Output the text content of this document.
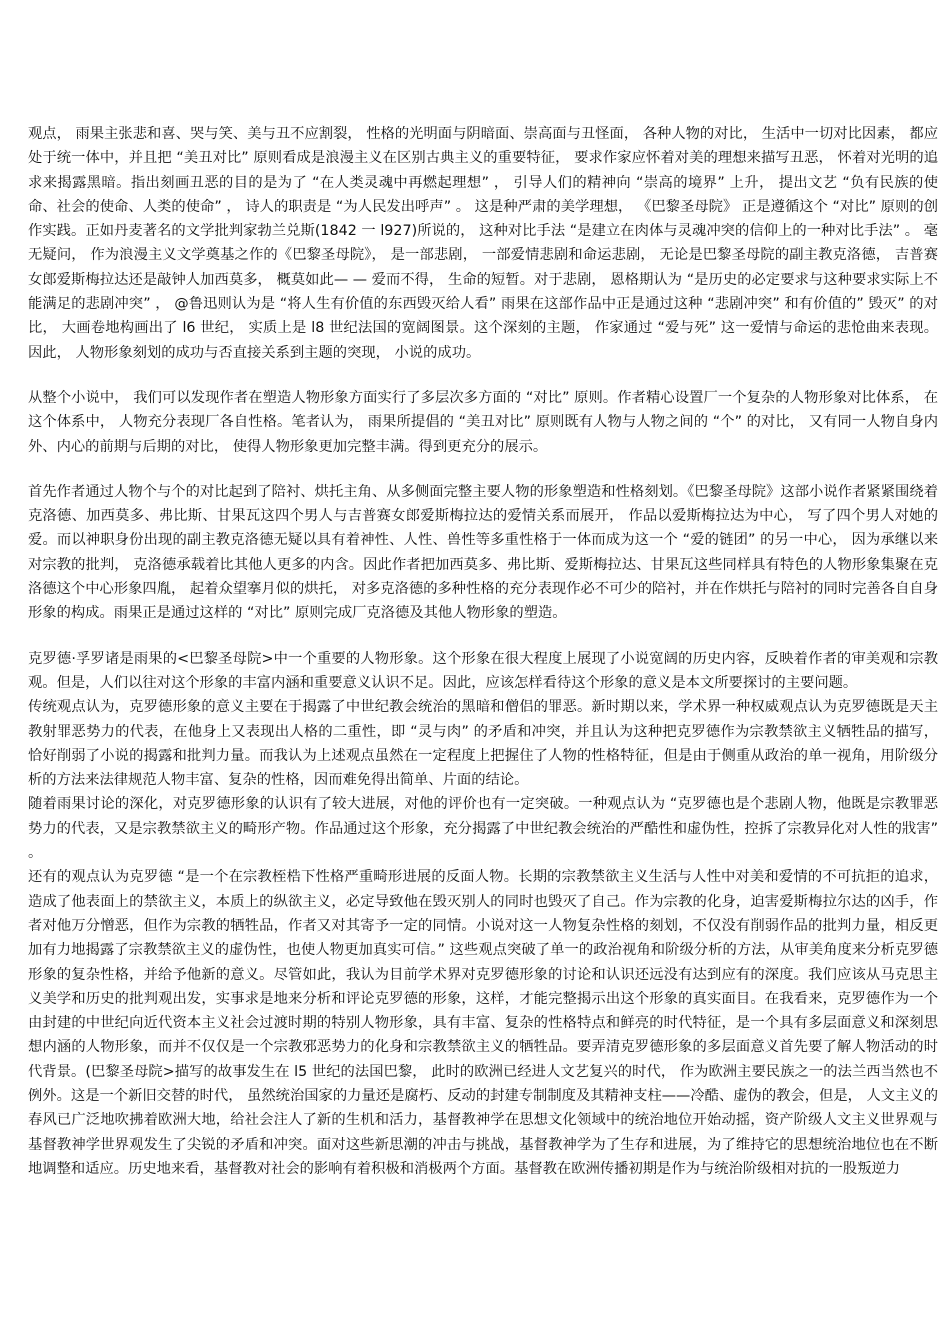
观点， 雨果主张悲和喜、哭与笑、美与丑不应割裂， 性格的光明面与阴暗面、崇高面与丑怪面， 各种人物的对比， 生活中一切对比因素， 都应处于统一体中，并且把 “美丑对比” 原则看成是浪漫主义在区别古典主义的重要特征， 要求作家应怀着对美的理想来描写丑恶， 怀着对光明的追求来揭露黑暗。指出刻画丑恶的目的是为了 “在人类灵魂中再燃起理想” ， 引导人们的精神向 “崇高的境界” 上升， 提出文艺 “负有民族的使命、社会的使命、人类的使命” ， 诗人的职责是 “为人民发出呼声” 。 这是种严肃的美学理想， 《巴黎圣母院》 正是遵循这个 “对比” 原则的创作实践。正如丹麦著名的文学批判家勃兰兑斯(1842 一 l927)所说的， 这种对比手法 “是建立在肉体与灵魂冲突的信仰上的一种对比手法” 。 毫无疑问， 作为浪漫主义文学奠基之作的《巴黎圣母院》， 是一部悲剧， 一部爱情悲剧和命运悲剧， 无论是巴黎圣母院的副主教克洛德， 吉普赛女郎爱斯梅拉达还是敲钟人加西莫多， 概莫如此— — 爱而不得， 生命的短暂。对于悲剧， 恩格期认为 “是历史的必定要求与这种要求实际上不能满足的悲剧冲突” ， @鲁迅则认为是 “将人生有价值的东西毁灭给人看” 雨果在这部作品中正是通过这种 “悲剧冲突” 和有价值的” 毁灭” 的对比， 大画卷地构画出了 l6 世纪， 实质上是 l8 世纪法国的宽阔图景。这个深刻的主题， 作家通过 “爱与死” 这一爱情与命运的悲怆曲来表现。因此， 人物形象刻划的成功与否直接关系到主题的突现， 小说的成功。

从整个小说中， 我们可以发现作者在塑造人物形象方面实行了多层次多方面的 “对比” 原则。作者精心设置厂一个复杂的人物形象对比体系， 在这个体系中， 人物充分表现厂各自性格。笔者认为， 雨果所提倡的 “美丑对比” 原则既有人物与人物之间的 “个” 的对比， 又有同一人物自身内外、内心的前期与后期的对比， 使得人物形象更加完整丰满。得到更充分的展示。

首先作者通过人物个与个的对比起到了陪衬、烘托主角、从多侧面完整主要人物的形象塑造和性格刻划。《巴黎圣母院》这部小说作者紧紧围绕着克洛德、加西莫多、弗比斯、甘果瓦这四个男人与吉普赛女郎爱斯梅拉达的爱情关系而展开， 作品以爱斯梅拉达为中心， 写了四个男人对她的爱。而以神职身份出现的副主教克洛德无疑以具有着神性、人性、兽性等多重性格于一体而成为这一个 “爱的链团” 的另一中心， 因为承继以来对宗教的批判， 克洛德承载着比其他人更多的内含。因此作者把加西莫多、弗比斯、爱斯梅拉达、甘果瓦这些同样具有特色的人物形象集聚在克洛德这个中心形象四胤， 起着众望搴月似的烘托， 对多克洛德的多种性格的充分表现作必不可少的陪衬，并在作烘托与陪衬的同时完善各自自身形象的构成。雨果正是通过这样的 “对比” 原则完成厂克洛德及其他人物形象的塑造。

克罗德·孚罗诸是雨果的<巴黎圣母院>中一个重要的人物形象。这个形象在很大程度上展现了小说宽阔的历史内容，反映着作者的审美观和宗教观。但是，人们以往对这个形象的丰富内涵和重要意义认识不足。因此，应该怎样看待这个形象的意义是本文所要探讨的主要问题。

传统观点认为，克罗德形象的意义主要在于揭露了中世纪教会统治的黑暗和僧侣的罪恶。新时期以来，学术界一种权威观点认为克罗德既是天主教射罪恶势力的代表，在他身上又表现出人格的二重性，即 “灵与肉” 的矛盾和冲突，并且认为这种把克罗德作为宗教禁欲主义牺牲品的描写，恰好削弱了小说的揭露和批判力量。而我认为上述观点虽然在一定程度上把握住了人物的性格特征，但是由于侧重从政治的单一视角，用阶级分析的方法来法律规范人物丰富、复杂的性格，因而难免得出简单、片面的结论。

随着雨果讨论的深化，对克罗德形象的认识有了较大进展，对他的评价也有一定突破。一种观点认为 “克罗德也是个悲剧人物，他既是宗教罪恶势力的代表，又是宗教禁欲主义的畸形产物。作品通过这个形象，充分揭露了中世纪教会统治的严酷性和虚伪性，控拆了宗教异化对人性的戕害” 。

还有的观点认为克罗德 “是一个在宗教桎梏下性格严重畸形进展的反面人物。长期的宗教禁欲主义生活与人性中对美和爱情的不可抗拒的追求，造成了他表面上的禁欲主义，本质上的纵欲主义，必定导致他在毁灭别人的同时也毁灭了自己。作为宗教的化身，迫害爱斯梅拉尔达的凶手，作者对他万分憎恶，但作为宗教的牺牲品，作者又对其寄予一定的同情。小说对这一人物复杂性格的刻划，不仅没有削弱作品的批判力量，相反更加有力地揭露了宗教禁欲主义的虚伪性，也使人物更加真实可信。” 这些观点突破了单一的政治视角和阶级分析的方法，从审美角度来分析克罗德形象的复杂性格，并给予他新的意义。尽管如此，我认为目前学术界对克罗德形象的讨论和认识还远没有达到应有的深度。我们应该从马克思主义美学和历史的批判观出发，实事求是地来分析和评论克罗德的形象，这样，才能完整揭示出这个形象的真实面目。在我看来，克罗德作为一个由封建的中世纪向近代资本主义社会过渡时期的特别人物形象，具有丰富、复杂的性格特点和鲜亮的时代特征，是一个具有多层面意义和深刻思想内涵的人物形象，而并不仅仅是一个宗教邪恶势力的化身和宗教禁欲主义的牺牲品。要弄清克罗德形象的多层面意义首先要了解人物活动的时代背景。(巴黎圣母院>描写的故事发生在 l5 世纪的法国巴黎， 此时的欧洲已经进人文艺复兴的时代， 作为欧洲主要民族之一的法兰西当然也不例外。这是一个新旧交替的时代， 虽然统治国家的力量还是腐朽、反动的封建专制制度及其精神支柱——冷酷、虚伪的教会，但是， 人文主义的春风已广泛地吹拂着欧洲大地，给社会注人了新的生机和活力，基督教神学在思想文化领域中的统治地位开始动摇，资产阶级人文主义世界观与基督教神学世界观发生了尖锐的矛盾和冲突。面对这些新思潮的冲击与挑战，基督教神学为了生存和进展，为了维持它的思想统治地位也在不断地调整和适应。历史地来看，基督教对社会的影响有着积极和消极两个方面。基督教在欧洲传播初期是作为与统治阶级相对抗的一股叛逆力
